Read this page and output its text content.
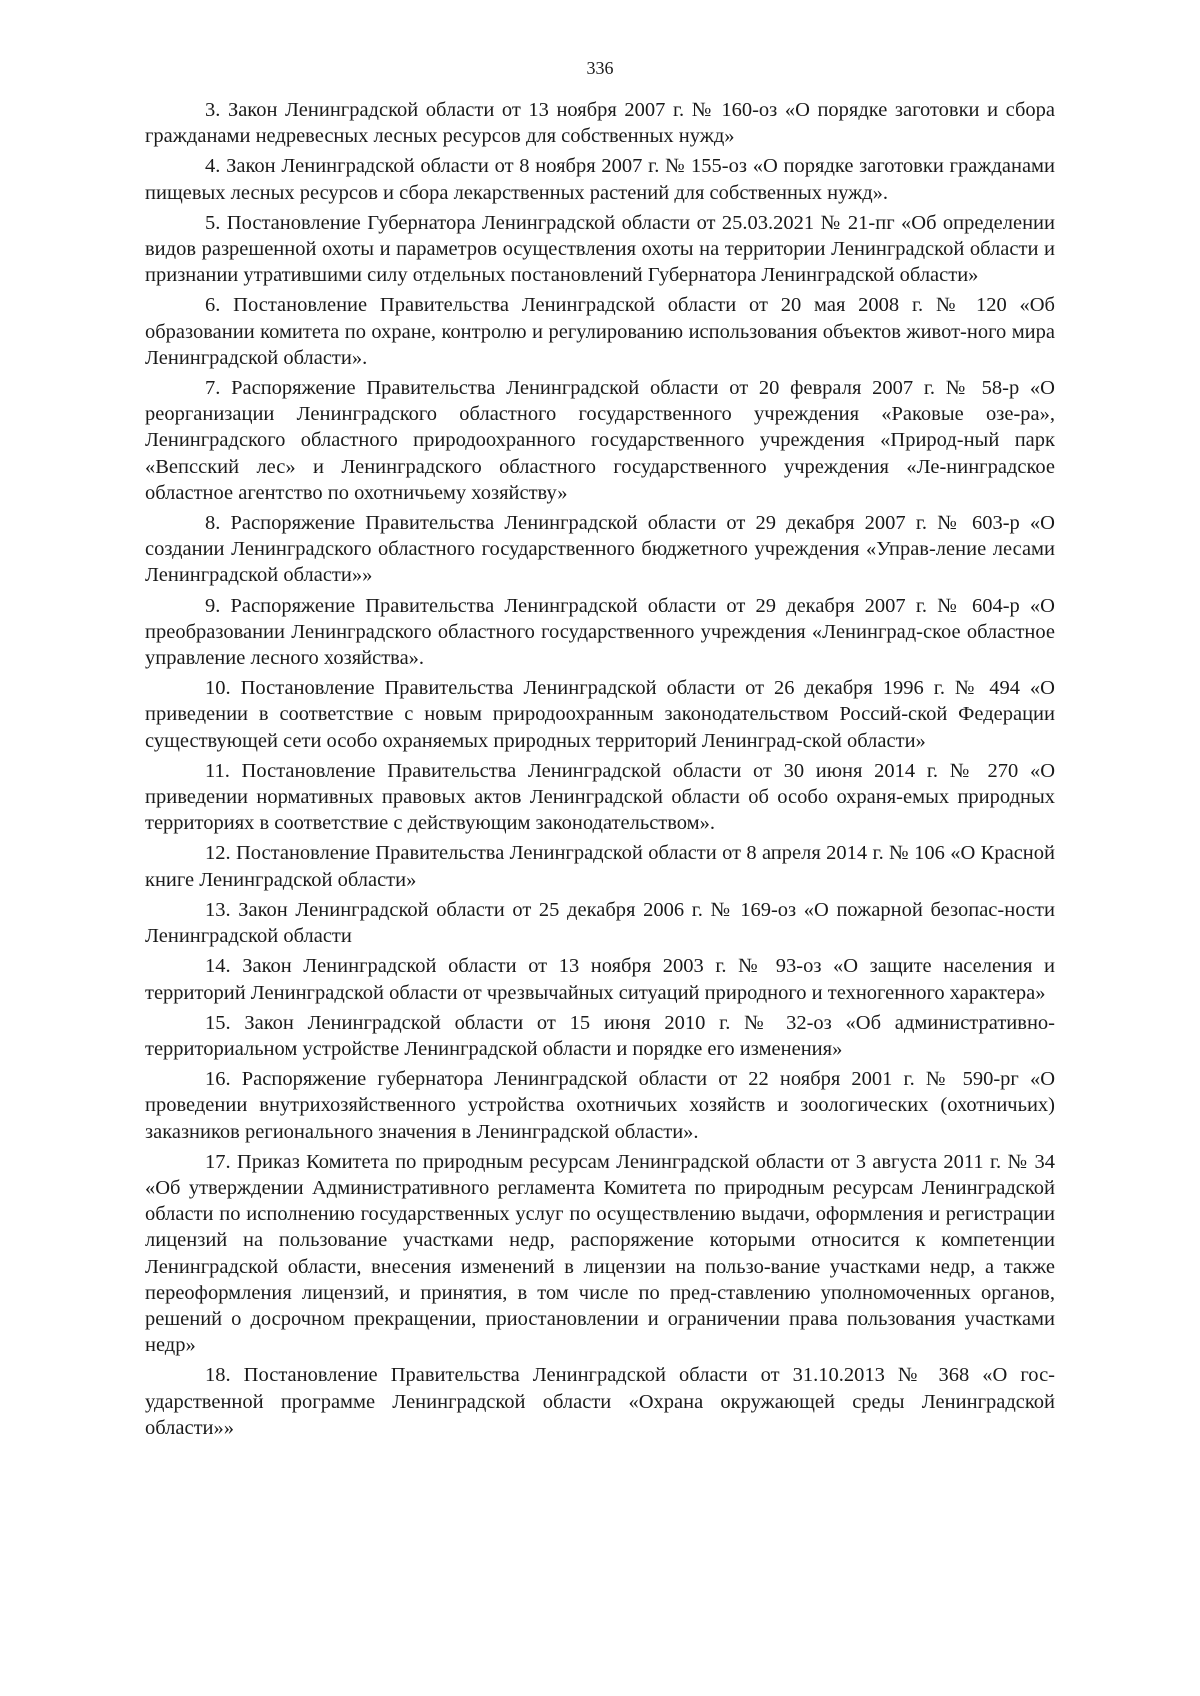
336

3. Закон Ленинградской области от 13 ноября 2007 г. № 160-оз «О порядке заготовки и сбора гражданами недревесных лесных ресурсов для собственных нужд»

4. Закон Ленинградской области от 8 ноября 2007 г. № 155-оз «О порядке заготовки гражданами пищевых лесных ресурсов и сбора лекарственных растений для собственных нужд».

5. Постановление Губернатора Ленинградской области от 25.03.2021 № 21-пг «Об определении видов разрешенной охоты и параметров осуществления охоты на территории Ленинградской области и признании утратившими силу отдельных постановлений Губернатора Ленинградской области»

6. Постановление Правительства Ленинградской области от 20 мая 2008 г. № 120 «Об образовании комитета по охране, контролю и регулированию использования объектов живот-ного мира Ленинградской области».

7. Распоряжение Правительства Ленинградской области от 20 февраля 2007 г. № 58-р «О реорганизации Ленинградского областного государственного учреждения «Раковые озе-ра», Ленинградского областного природоохранного государственного учреждения «Природ-ный парк «Вепсский лес» и Ленинградского областного государственного учреждения «Ле-нинградское областное агентство по охотничьему хозяйству»

8. Распоряжение Правительства Ленинградской области от 29 декабря 2007 г. № 603-р «О создании Ленинградского областного государственного бюджетного учреждения «Управ-ление лесами Ленинградской области»»

9. Распоряжение Правительства Ленинградской области от 29 декабря 2007 г. № 604-р «О преобразовании Ленинградского областного государственного учреждения «Ленинград-ское областное управление лесного хозяйства».

10. Постановление Правительства Ленинградской области от 26 декабря 1996 г. № 494 «О приведении в соответствие с новым природоохранным законодательством Россий-ской Федерации существующей сети особо охраняемых природных территорий Ленинград-ской области»

11. Постановление Правительства Ленинградской области от 30 июня 2014 г. № 270 «О приведении нормативных правовых актов Ленинградской области об особо охраня-емых природных территориях в соответствие с действующим законодательством».

12. Постановление Правительства Ленинградской области от 8 апреля 2014 г. № 106 «О Красной книге Ленинградской области»

13. Закон Ленинградской области от 25 декабря 2006 г. № 169-оз «О пожарной безопас-ности Ленинградской области

14. Закон Ленинградской области от 13 ноября 2003 г. № 93-оз «О защите населения и территорий Ленинградской области от чрезвычайных ситуаций природного и техногенного характера»

15. Закон Ленинградской области от 15 июня 2010 г. № 32-оз «Об административно-территориальном устройстве Ленинградской области и порядке его изменения»

16. Распоряжение губернатора Ленинградской области от 22 ноября 2001 г. № 590-рг «О проведении внутрихозяйственного устройства охотничьих хозяйств и зоологических (охотничьих) заказников регионального значения в Ленинградской области».

17. Приказ Комитета по природным ресурсам Ленинградской области от 3 августа 2011 г. № 34 «Об утверждении Административного регламента Комитета по природным ресурсам Ленинградской области по исполнению государственных услуг по осуществлению выдачи, оформления и регистрации лицензий на пользование участками недр, распоряжение которыми относится к компетенции Ленинградской области, внесения изменений в лицензии на пользо-вание участками недр, а также переоформления лицензий, и принятия, в том числе по пред-ставлению уполномоченных органов, решений о досрочном прекращении, приостановлении и ограничении права пользования участками недр»

18. Постановление Правительства Ленинградской области от 31.10.2013 № 368 «О гос-ударственной программе Ленинградской области «Охрана окружающей среды Ленинградской области»»
